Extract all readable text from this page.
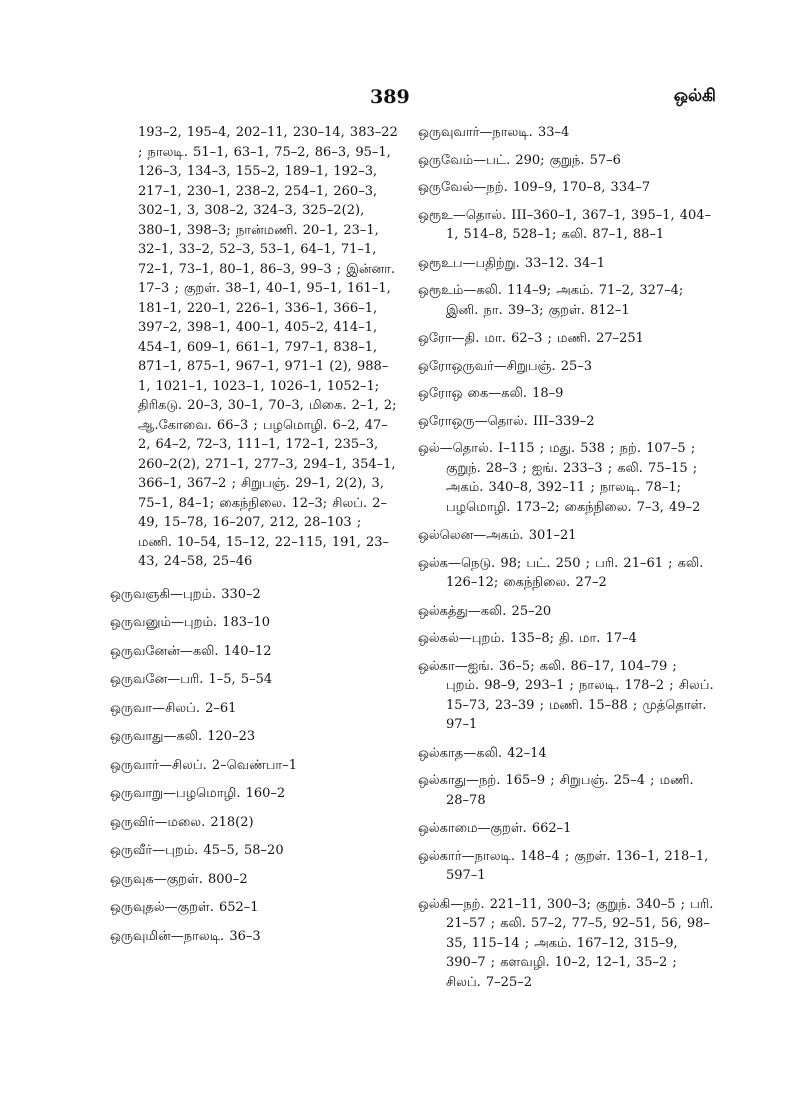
389	ஒல்கி

193–2, 195–4, 202–11, 230–14, 383–22 ; நாலடி. 51–1, 63–1, 75–2, 86–3, 95–1, 126–3, 134–3, 155–2, 189–1, 192–3, 217–1, 230–1, 238–2, 254–1, 260–3, 302–1, 3, 308–2, 324–3, 325–2(2), 380–1, 398–3; நான்மணி. 20–1, 23–1, 32–1, 33–2, 52–3, 53–1, 64–1, 71–1, 72–1, 73–1, 80–1, 86–3, 99–3 ; இன்னா. 17–3 ; குறள். 38–1, 40–1, 95–1, 161–1, 181–1, 220–1, 226–1, 336–1, 366–1, 397–2, 398–1, 400–1, 405–2, 414–1, 454–1, 609–1, 661–1, 797–1, 838–1, 871–1, 875–1, 967–1, 971–1 (2), 988–1, 1021–1, 1023–1, 1026–1, 1052–1; திரிகடு. 20–3, 30–1, 70–3, மிகை. 2–1, 2; ஆ.கோவை. 66–3 ; பழமொழி. 6–2, 47–2, 64–2, 72–3, 111–1, 172–1, 235–3, 260–2(2), 271–1, 277–3, 294–1, 354–1, 366–1, 367–2 ; சிறுபஞ். 29–1, 2(2), 3, 75–1, 84–1; கைந்நிலை. 12–3; சிலப். 2–49, 15–78, 16–207, 212, 28–103 ; மணி. 10–54, 15–12, 22–115, 191, 23–43, 24–58, 25–46

ஒருவஞகி—புறம். 330–2

ஒருவனும்—புறம். 183–10

ஒருவனேன்—கலி. 140–12

ஒருவனே—பரி. 1–5, 5–54

ஒருவா—சிலப். 2–61

ஒருவாது—கலி. 120–23

ஒருவார்—சிலப். 2–வெண்பா–1

ஒருவாறு—பழமொழி. 160–2

ஒருவிர்—மலை. 218(2)

ஒருவீர்—புறம். 45–5, 58–20

ஒருவுக—குறள். 800–2

ஒருவுதல்—குறள். 652–1

ஒருவுமின்—நாலடி. 36–3

ஒருவுவார்—நாலடி. 33–4

ஒருவேம்—பட். 290; குறுந். 57–6

ஒருவேல்—நற். 109–9, 170–8, 334–7

ஒரூஉ—தொல். III–360–1, 367–1, 395–1, 404–1, 514–8, 528–1; கலி. 87–1, 88–1

ஒரூஉப—பதிற்று. 33–12. 34–1

ஒரூஉம்—கலி. 114–9; அகம். 71–2, 327–4; இனி. நா. 39–3; குறள். 812–1

ஒரோ—தி. மா. 62–3 ; மணி. 27–251

ஒரோஒருவர்—சிறுபஞ். 25–3

ஒரோஒ கை—கலி. 18–9

ஒரோஒரு—தொல். III–339–2

ஒல்—தொல். I–115 ; மது. 538 ; நற். 107–5 ; குறுந். 28–3 ; ஐங். 233–3 ; கலி. 75–15 ; அகம். 340–8, 392–11 ; நாலடி. 78–1; பழமொழி. 173–2; கைந்நிலை. 7–3, 49–2

ஒல்லென—அகம். 301–21

ஒல்க—நெடு. 98; பட். 250 ; பரி. 21–61 ; கலி. 126–12; கைந்நிலை. 27–2

ஒல்கத்து—கலி. 25–20

ஒல்கல்—புறம். 135–8; தி. மா. 17–4

ஒல்கா—ஐங். 36–5; கலி. 86–17, 104–79 ; புறம். 98–9, 293–1 ; நாலடி. 178–2 ; சிலப். 15–73, 23–39 ; மணி. 15–88 ; முத்தொள். 97–1

ஒல்காத—கலி. 42–14

ஒல்காது—நற். 165–9 ; சிறுபஞ். 25–4 ; மணி. 28–78

ஒல்காமை—குறள். 662–1

ஒல்கார்—நாலடி. 148–4 ; குறள். 136–1, 218–1, 597–1

ஒல்கி—நற். 221–11, 300–3; குறுந். 340–5 ; பரி. 21–57 ; கலி. 57–2, 77–5, 92–51, 56, 98–35, 115–14 ; அகம். 167–12, 315–9, 390–7 ; களவழி. 10–2, 12–1, 35–2 ; சிலப். 7–25–2
